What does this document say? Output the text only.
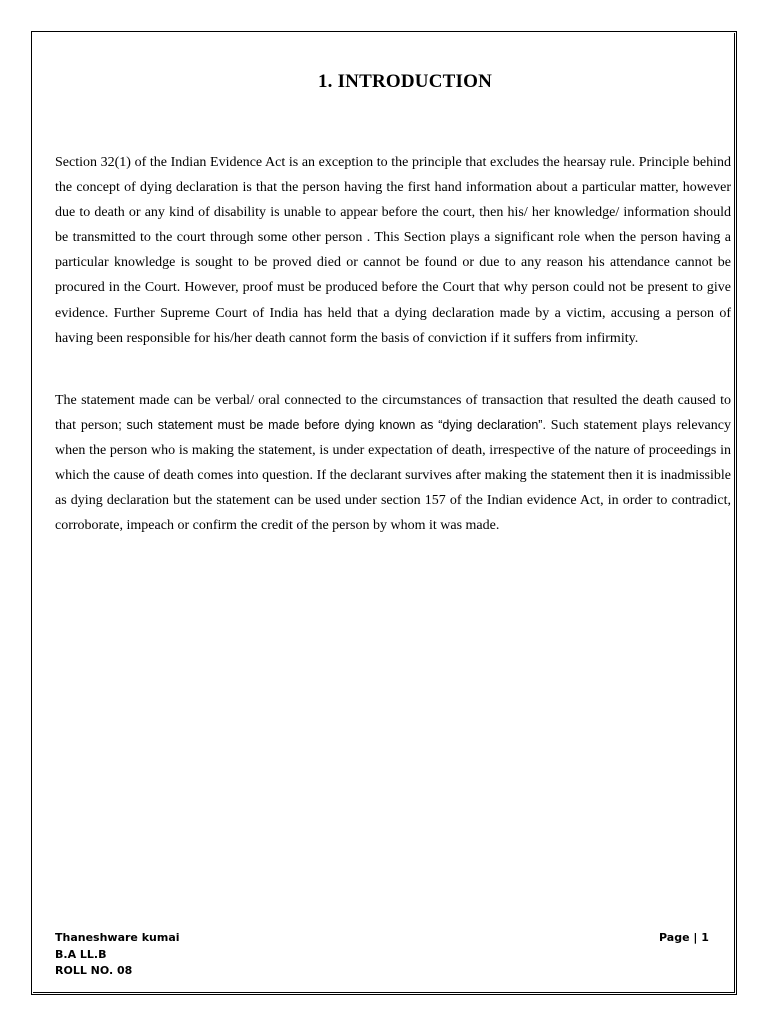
1. INTRODUCTION

Section 32(1) of the Indian Evidence Act is an exception to the principle that excludes the hearsay rule. Principle behind the concept of dying declaration is that the person having the first hand information about a particular matter, however due to death or any kind of disability is unable to appear before the court, then his/ her knowledge/ information should be transmitted to the court through some other person . This Section plays a significant role when the person having a particular knowledge is sought to be proved died or cannot be found or due to any reason his attendance cannot be procured in the Court. However, proof must be produced before the Court that why person could not be present to give evidence. Further Supreme Court of India has held that a dying declaration made by a victim, accusing a person of having been responsible for his/her death cannot form the basis of conviction if it suffers from infirmity.

The statement made can be verbal/ oral connected to the circumstances of transaction that resulted the death caused to that person; such statement must be made before dying known as “dying declaration”. Such statement plays relevancy when the person who is making the statement, is under expectation of death, irrespective of the nature of proceedings in which the cause of death comes into question. If the declarant survives after making the statement then it is inadmissible as dying declaration but the statement can be used under section 157 of the Indian evidence Act, in order to contradict, corroborate, impeach or confirm the credit of the person by whom it was made.

Thaneshware kumai
B.A LL.B
ROLL NO. 08
Page | 1
